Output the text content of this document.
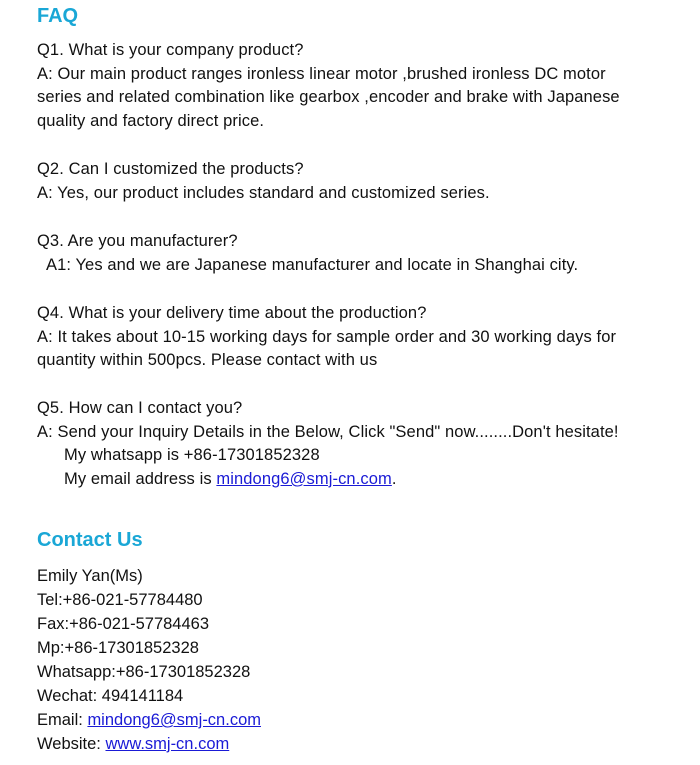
FAQ
Q1. What is your company product?
A: Our main product ranges ironless linear motor ,brushed ironless DC motor
series and related combination like gearbox ,encoder and brake with Japanese
quality and factory direct price.
Q2. Can I customized the products?
A: Yes, our product includes standard and customized series.
Q3. Are you manufacturer?
A1: Yes and we are Japanese manufacturer and locate in Shanghai city.
Q4. What is your delivery time about the production?
A: It takes about 10-15 working days for sample order and 30 working days for
quantity within 500pcs. Please contact with us
Q5. How can I contact you?
A: Send your Inquiry Details in the Below, Click "Send" now........Don't hesitate!
My whatsapp is +86-17301852328
My email address is mindong6@smj-cn.com.
Contact Us
Emily Yan(Ms)
Tel:+86-021-57784480
Fax:+86-021-57784463
Mp:+86-17301852328
Whatsapp:+86-17301852328
Wechat: 494141184
Email: mindong6@smj-cn.com
Website: www.smj-cn.com
